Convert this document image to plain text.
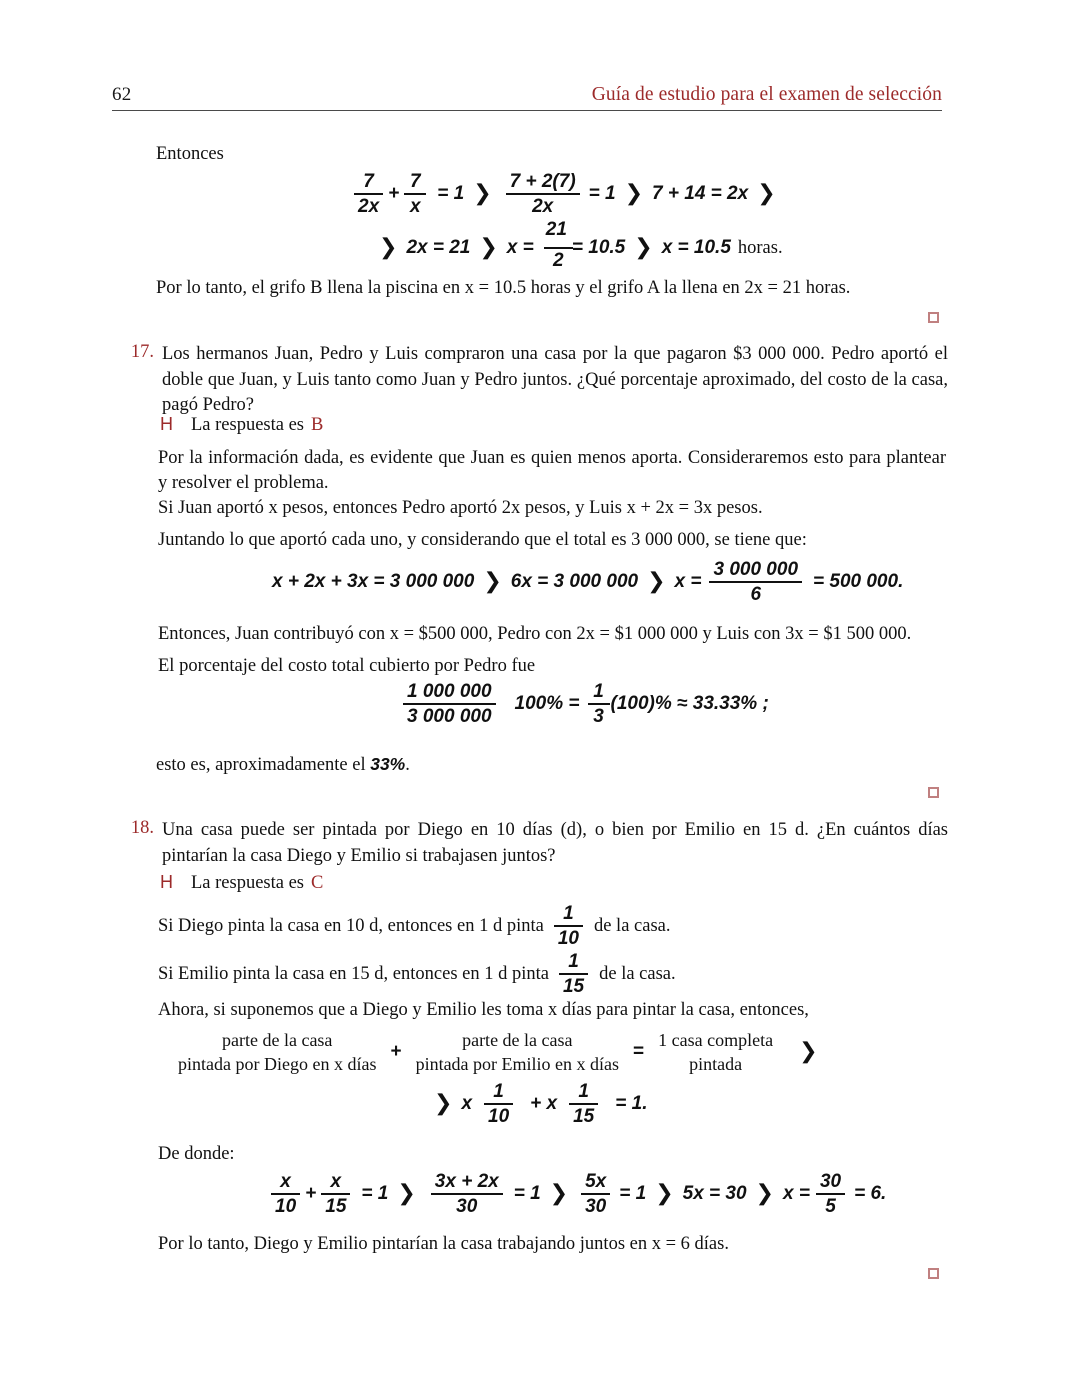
62	Guía de estudio para el examen de selección
Entonces
$\frac{7}{2x} + \frac{7}{x} = 1$ ❯ $\frac{7 + 2(7)}{2x} = 1$ ❯ 7 + 14 = 2x ❯
❯ 2x = 21 ❯ $x = \frac{21}{2} = 10.5$ ❯ x = 10.5 horas.
Por lo tanto, el grifo B llena la piscina en x = 10.5 horas y el grifo A la llena en 2x = 21 horas.
17. Los hermanos Juan, Pedro y Luis compraron una casa por la que pagaron $3 000 000. Pedro aportó el doble que Juan, y Luis tanto como Juan y Pedro juntos. ¿Qué porcentaje aproximado, del costo de la casa, pagó Pedro?
H La respuesta es B
Por la información dada, es evidente que Juan es quien menos aporta. Consideraremos esto para plantear y resolver el problema.
Si Juan aportó x pesos, entonces Pedro aportó 2x pesos, y Luis x + 2x = 3x pesos.
Juntando lo que aportó cada uno, y considerando que el total es 3 000 000, se tiene que:
x + 2x + 3x = 3 000 000 ❯ 6x = 3 000 000 ❯ $x = \frac{3 000 000}{6} = 500$ 000.
Entonces, Juan contribuyó con x = $500 000, Pedro con 2x = $1 000 000 y Luis con 3x = $1 500 000.
El porcentaje del costo total cubierto por Pedro fue
$\frac{1 000 000}{3 000 000} 100\% = \frac{1}{3} (100)\% \approx 33.33\%$ ;
esto es, aproximadamente el 33%.
18. Una casa puede ser pintada por Diego en 10 días (d), o bien por Emilio en 15 d. ¿En cuántos días pintarían la casa Diego y Emilio si trabajasen juntos?
H La respuesta es C
Si Diego pinta la casa en 10 d, entonces en 1 d pinta $\frac{1}{10}$ de la casa.
Si Emilio pinta la casa en 15 d, entonces en 1 d pinta $\frac{1}{15}$ de la casa.
Ahora, si suponemos que a Diego y Emilio les toma x días para pintar la casa, entonces,
parte de la casa
pintada por Diego en x días
+
parte de la casa
pintada por Emilio en x días
=
1 casa completa
pintada	❯
❯ x $\frac{1}{10} + x \frac{1}{15} = 1$.
De donde:
$\frac{x}{10} + \frac{x}{15} = 1$ ❯ $\frac{3x + 2x}{30} = 1$ ❯ $\frac{5x}{30} = 1$ ❯ 5x = 30 ❯ $x = \frac{30}{5} = 6$.
Por lo tanto, Diego y Emilio pintarían la casa trabajando juntos en x = 6 días.
